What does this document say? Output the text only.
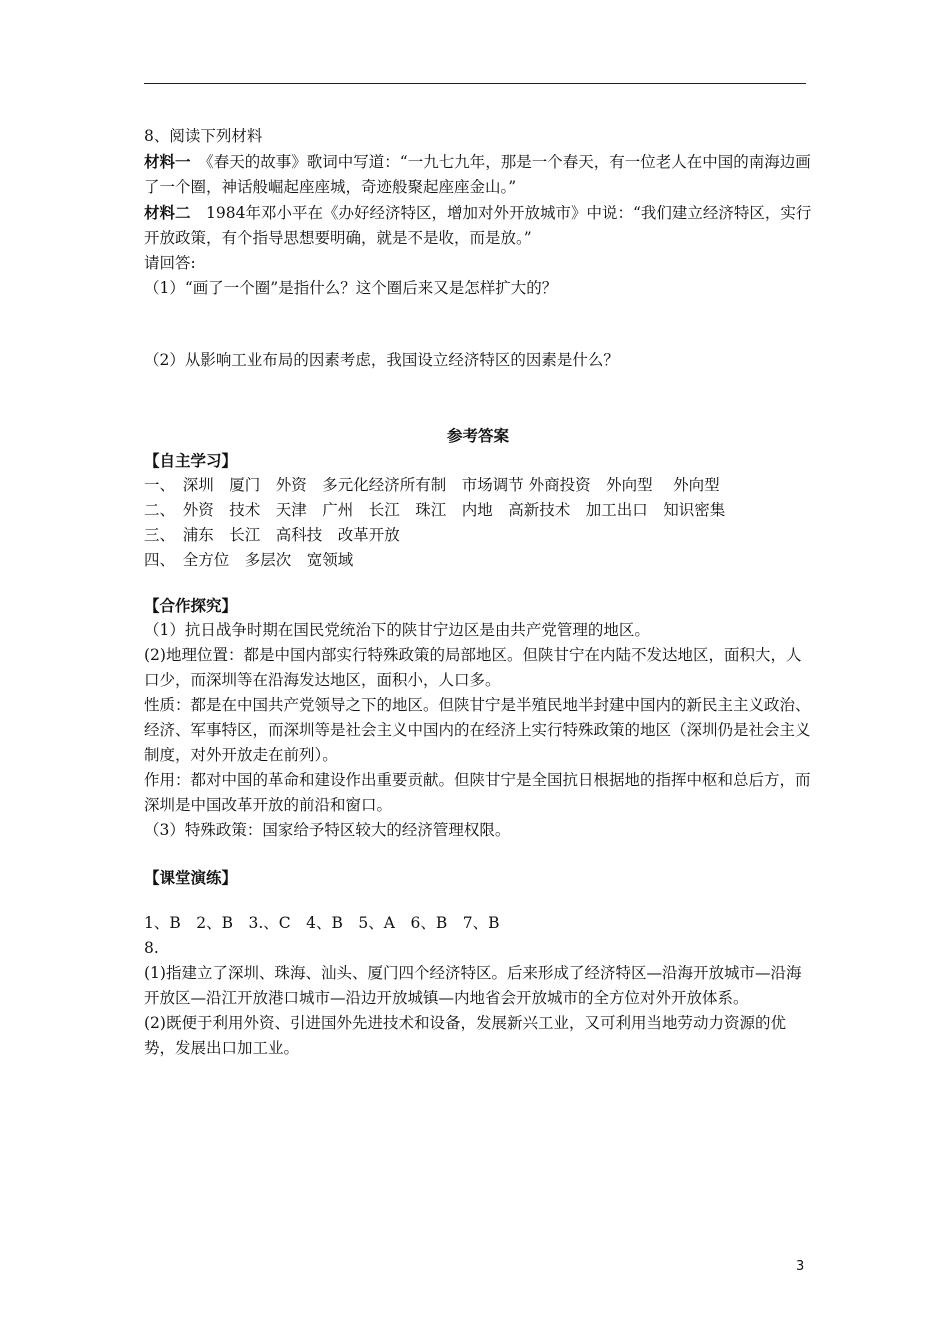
8、阅读下列材料

材料一　《春天的故事》歌词中写道：“一九七九年，那是一个春天，有一位老人在中国的南海边画了一个圈，神话般崛起座座城，奇迹般聚起座座金山。”

材料二　1984年邓小平在《办好经济特区，增加对外开放城市》中说：“我们建立经济特区，实行开放政策，有个指导思想要明确，就是不是收，而是放。”

请回答:

（1）“画了一个圈”是指什么？这个圈后来又是怎样扩大的？

（2）从影响工业布局的因素考虑，我国设立经济特区的因素是什么？

参考答案

【自主学习】

一、　深圳　厦门　外资　多元化经济所有制　市场调节 外商投资　外向型　 外向型

二、　外资　技术　天津　广州　长江　珠江　内地　高新技术　加工出口　知识密集

三、　浦东　长江　高科技　改革开放

四、　全方位　多层次　宽领域

【合作探究】

（1）抗日战争时期在国民党统治下的陕甘宁边区是由共产党管理的地区。

(2)地理位置：都是中国内部实行特殊政策的局部地区。但陕甘宁在内陆不发达地区，面积大，人口少，而深圳等在沿海发达地区，面积小，人口多。

性质：都是在中国共产党领导之下的地区。但陕甘宁是半殖民地半封建中国内的新民主主义政治、经济、军事特区，而深圳等是社会主义中国内的在经济上实行特殊政策的地区（深圳仍是社会主义制度，对外开放走在前列）。

作用：都对中国的革命和建设作出重要贡献。但陕甘宁是全国抗日根据地的指挥中枢和总后方，而深圳是中国改革开放的前沿和窗口。

（3）特殊政策：国家给予特区较大的经济管理权限。

【课堂演练】

1、B　2、B　3.、C　4、B　5、A　6、B　7、B

8.

(1)指建立了深圳、珠海、汕头、厦门四个经济特区。后来形成了经济特区—沿海开放城市—沿海开放区—沿江开放港口城市—沿边开放城镇—内地省会开放城市的全方位对外开放体系。

(2)既便于利用外资、引进国外先进技术和设备，发展新兴工业，又可利用当地劳动力资源的优势，发展出口加工业。

3
